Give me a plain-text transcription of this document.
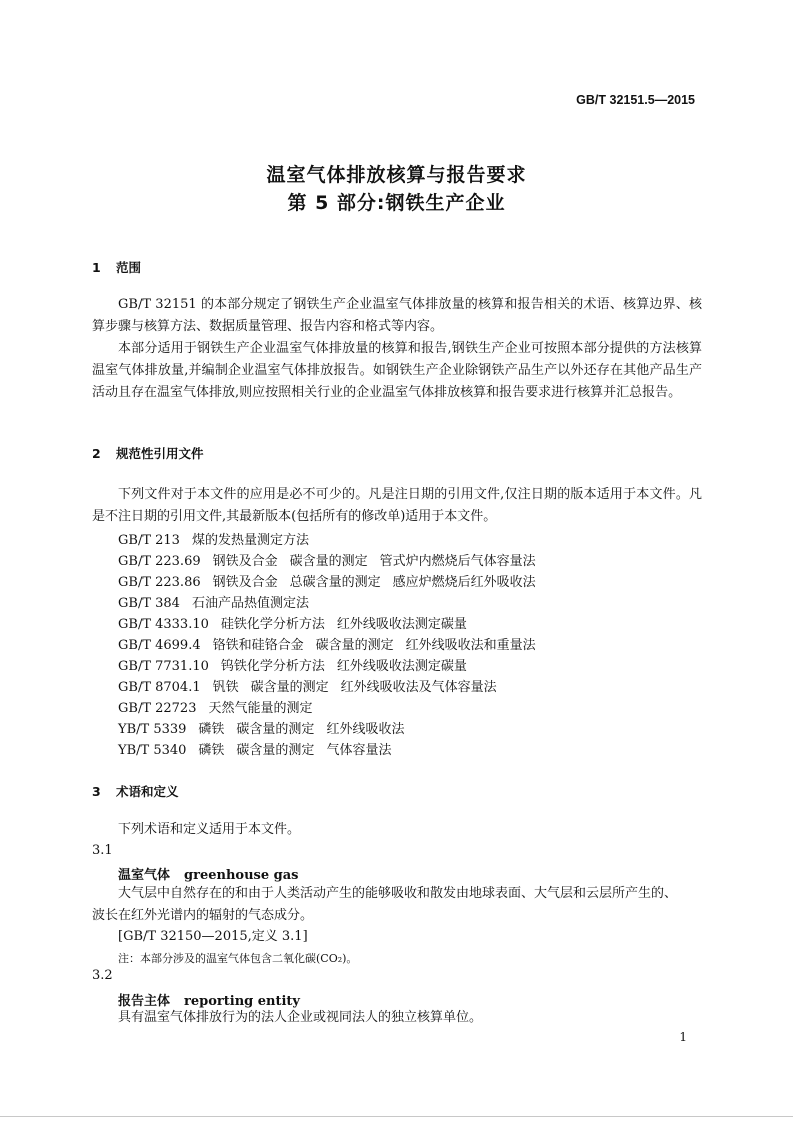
GB/T 32151.5—2015
温室气体排放核算与报告要求
第 5 部分:钢铁生产企业
1 范围
GB/T 32151 的本部分规定了钢铁生产企业温室气体排放量的核算和报告相关的术语、核算边界、核算步骤与核算方法、数据质量管理、报告内容和格式等内容。
本部分适用于钢铁生产企业温室气体排放量的核算和报告,钢铁生产企业可按照本部分提供的方法核算温室气体排放量,并编制企业温室气体排放报告。如钢铁生产企业除钢铁产品生产以外还存在其他产品生产活动且存在温室气体排放,则应按照相关行业的企业温室气体排放核算和报告要求进行核算并汇总报告。
2 规范性引用文件
下列文件对于本文件的应用是必不可少的。凡是注日期的引用文件,仅注日期的版本适用于本文件。凡是不注日期的引用文件,其最新版本(包括所有的修改单)适用于本文件。
GB/T 213 煤的发热量测定方法
GB/T 223.69 钢铁及合金 碳含量的测定 管式炉内燃烧后气体容量法
GB/T 223.86 钢铁及合金 总碳含量的测定 感应炉燃烧后红外吸收法
GB/T 384 石油产品热值测定法
GB/T 4333.10 硅铁化学分析方法 红外线吸收法测定碳量
GB/T 4699.4 铬铁和硅铬合金 碳含量的测定 红外线吸收法和重量法
GB/T 7731.10 钨铁化学分析方法 红外线吸收法测定碳量
GB/T 8704.1 钒铁 碳含量的测定 红外线吸收法及气体容量法
GB/T 22723 天然气能量的测定
YB/T 5339 磷铁 碳含量的测定 红外线吸收法
YB/T 5340 磷铁 碳含量的测定 气体容量法
3 术语和定义
下列术语和定义适用于本文件。
3.1
温室气体 greenhouse gas
大气层中自然存在的和由于人类活动产生的能够吸收和散发由地球表面、大气层和云层所产生的、
波长在红外光谱内的辐射的气态成分。
[GB/T 32150—2015,定义 3.1]
注：本部分涉及的温室气体包含二氧化碳(CO₂)。
3.2
报告主体 reporting entity
具有温室气体排放行为的法人企业或视同法人的独立核算单位。
1
